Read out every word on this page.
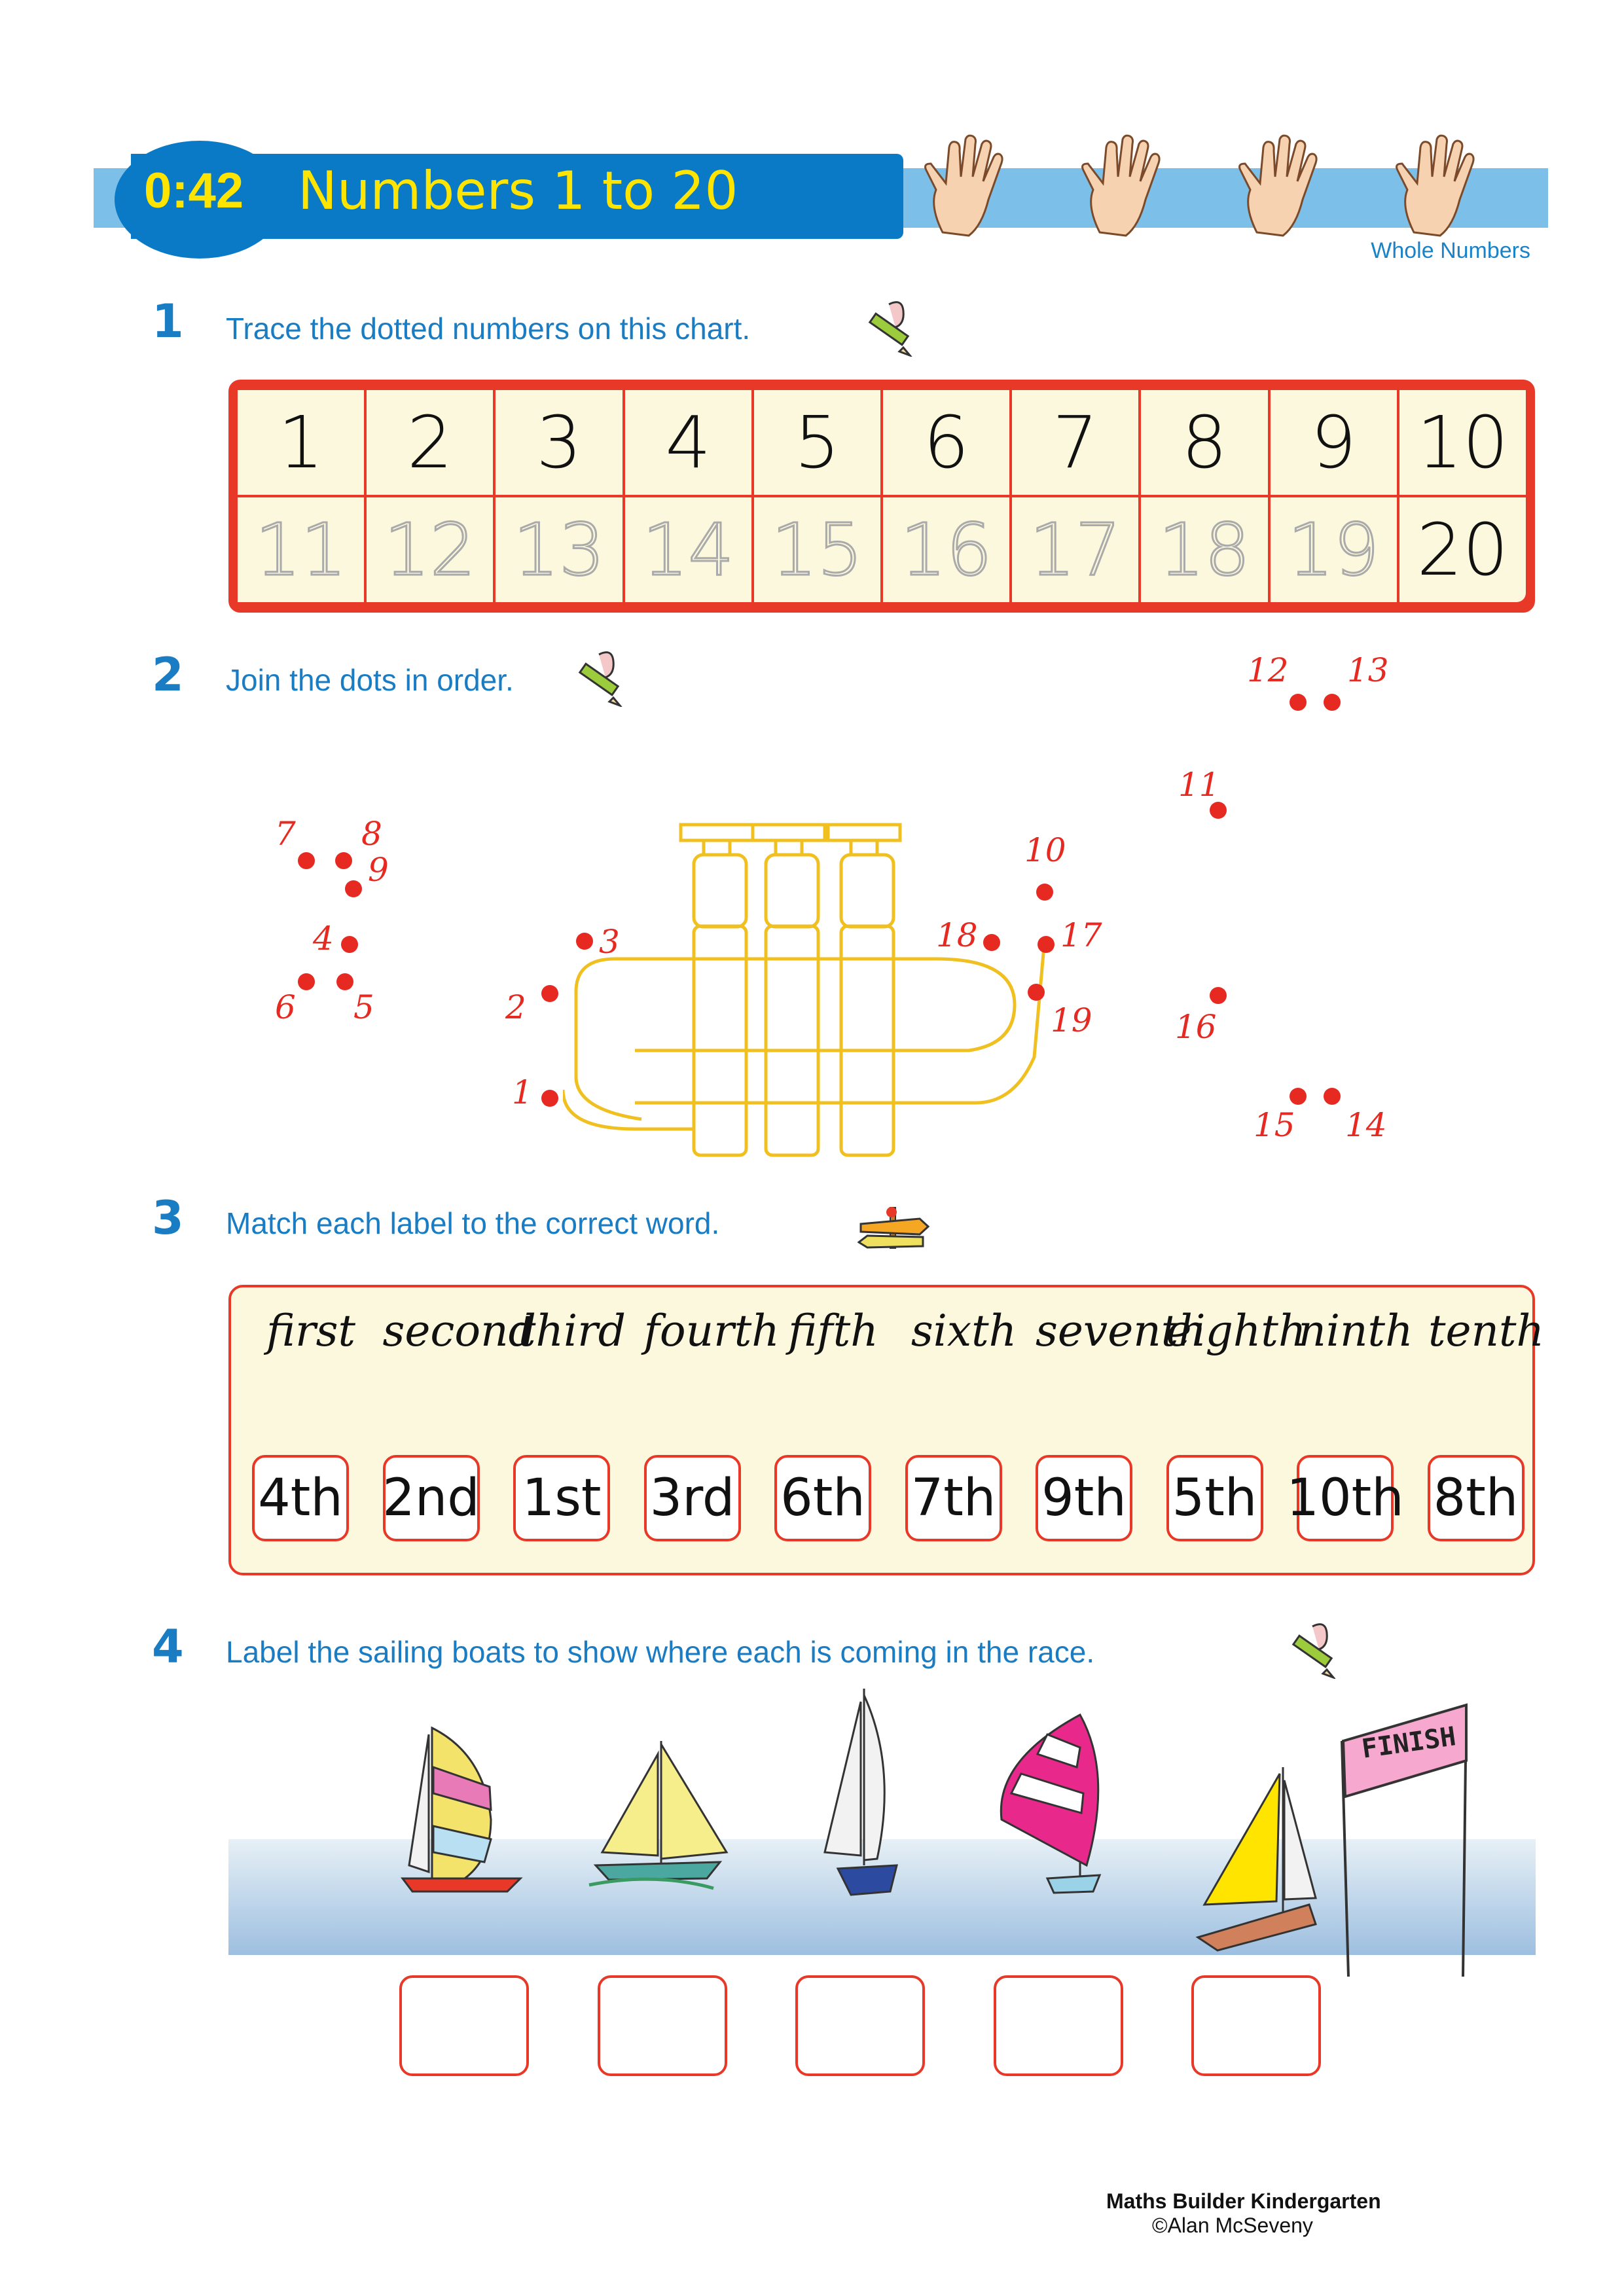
0:42 Numbers 1 to 20
Whole Numbers
1 Trace the dotted numbers on this chart.
1	2	3	4	5	6	7	8	9 10
11 12 13 14 15 16 17 18 19 20
2 Join the dots in order.
1
2
3
4
5
6
7 8
9
10
11
12 13
14
15
16
17
18
19
3 Match each label to the correct word.
first second
third fourth fifth sixth seventh
eighth
ninth tenth
4th 2nd 1st 3rd 6th 7th 9th 5th 10th 8th
4 Label the sailing boats to show where each is coming in the race.
FINISH
Maths Builder Kindergarten
©Alan McSeveny
